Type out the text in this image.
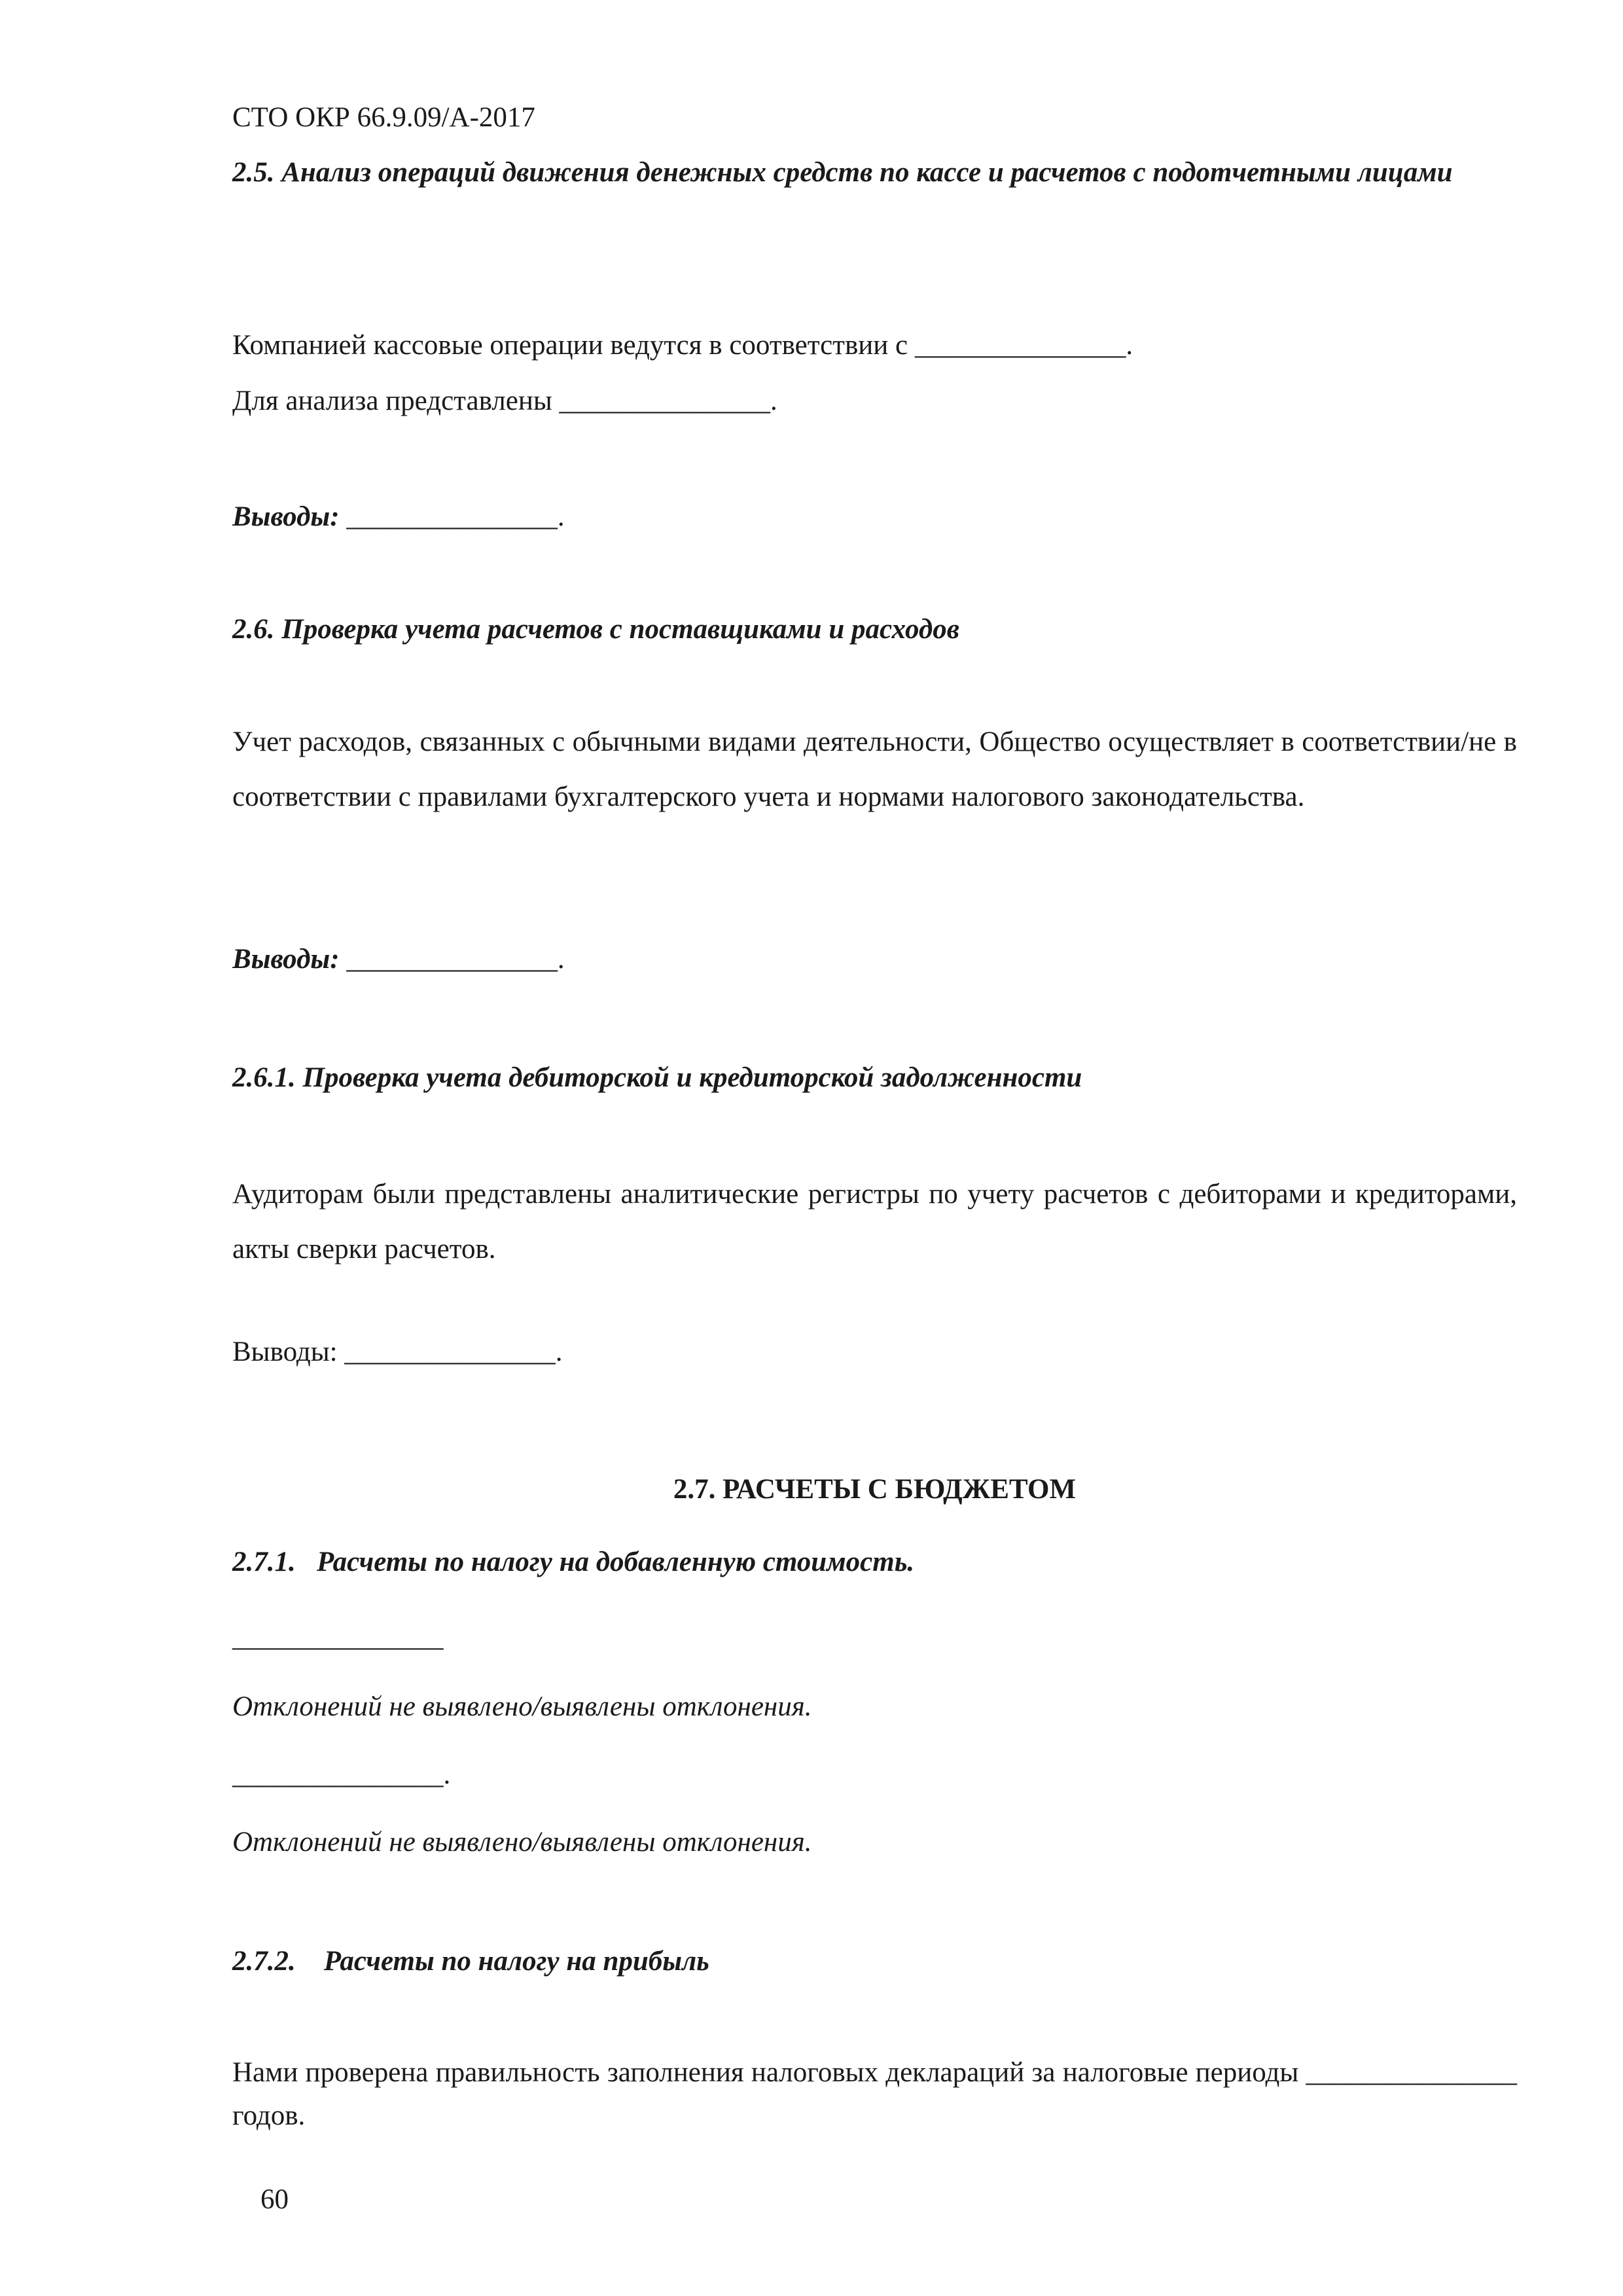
СТО ОКР 66.9.09/А-2017
2.5. Анализ операций движения денежных средств по кассе и расчетов с подотчетными лицами
Компанией кассовые операции ведутся в соответствии с _______________.
Для анализа представлены _______________.
Выводы: _______________.
2.6. Проверка учета расчетов с поставщиками и расходов
Учет расходов, связанных с обычными видами деятельности, Общество осуществляет в соответствии/не в соответствии с правилами бухгалтерского учета и нормами налогового законодательства.
Выводы: _______________.
2.6.1. Проверка учета дебиторской и кредиторской задолженности
Аудиторам были представлены аналитические регистры по учету расчетов с дебиторами и кредиторами, акты сверки расчетов.
Выводы: _______________.
2.7. РАСЧЕТЫ С БЮДЖЕТОМ
2.7.1.   Расчеты по налогу на добавленную стоимость.
_______________
Отклонений не выявлено/выявлены отклонения.
_______________.
Отклонений не выявлено/выявлены отклонения.
2.7.2.    Расчеты по налогу на прибыль
Нами проверена правильность заполнения налоговых деклараций за налоговые периоды _______________ годов.
60
